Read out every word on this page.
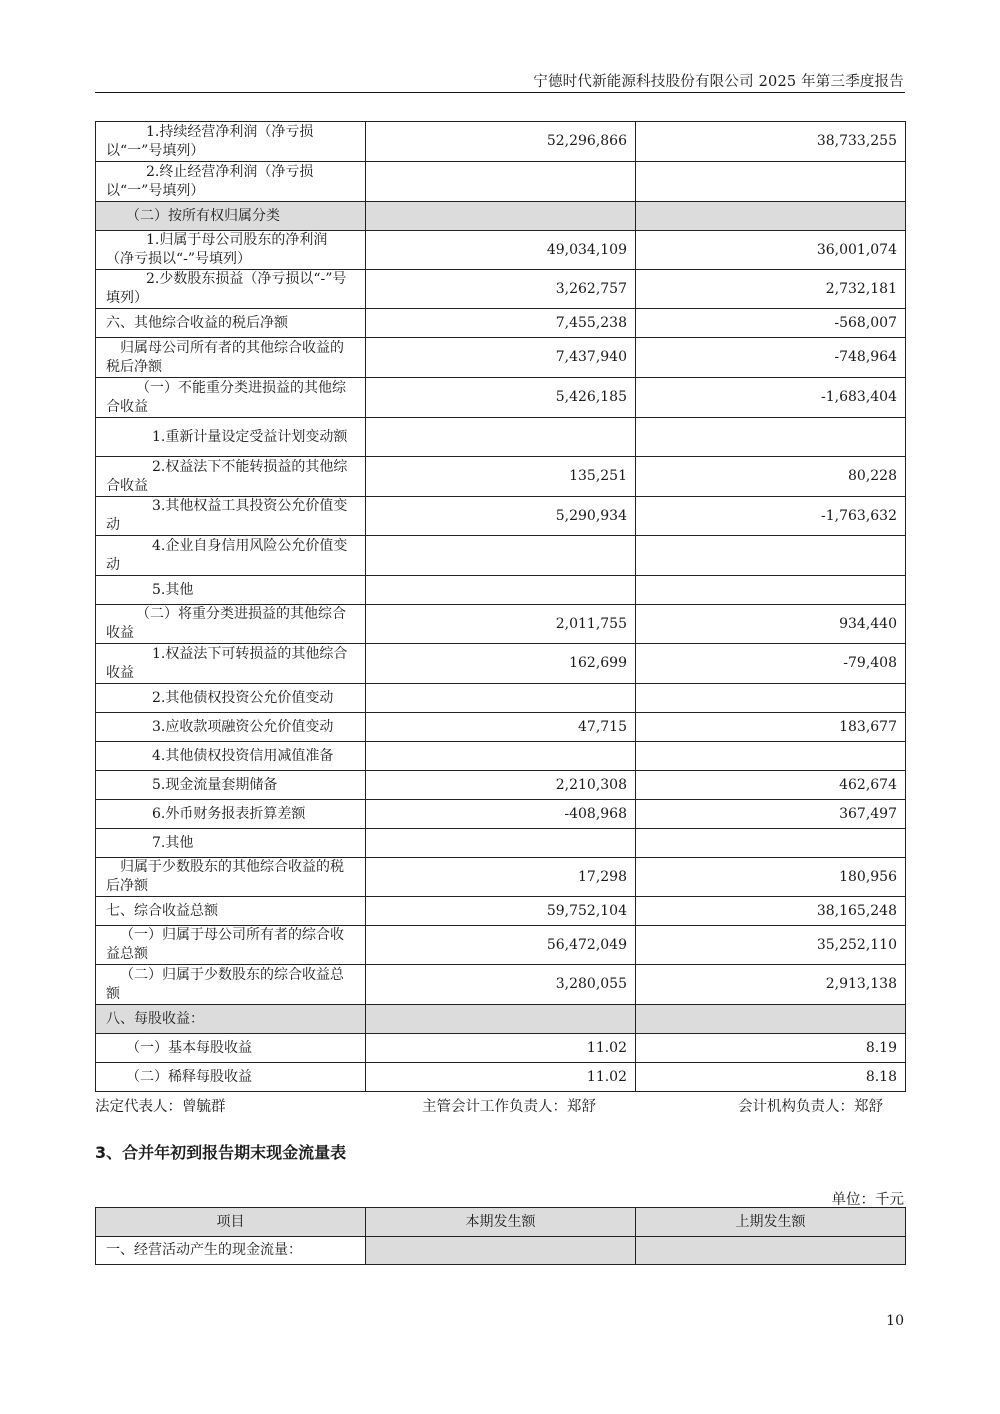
宁德时代新能源科技股份有限公司 2025 年第三季度报告
1.持续经营净利润（净亏损以“一”号填列）	52,296,866	38,733,255
2.终止经营净利润（净亏损以“一”号填列）		
（二）按所有权归属分类		
1.归属于母公司股东的净利润（净亏损以“-”号填列）	49,034,109	36,001,074
2.少数股东损益（净亏损以“-”号填列）	3,262,757	2,732,181
六、其他综合收益的税后净额	7,455,238	-568,007
归属母公司所有者的其他综合收益的税后净额	7,437,940	-748,964
（一）不能重分类进损益的其他综合收益	5,426,185	-1,683,404
1.重新计量设定受益计划变动额		
2.权益法下不能转损益的其他综合收益	135,251	80,228
3.其他权益工具投资公允价值变动	5,290,934	-1,763,632
4.企业自身信用风险公允价值变动		
5.其他		
（二）将重分类进损益的其他综合收益	2,011,755	934,440
1.权益法下可转损益的其他综合收益	162,699	-79,408
2.其他债权投资公允价值变动		
3.应收款项融资公允价值变动	47,715	183,677
4.其他债权投资信用减值准备		
5.现金流量套期储备	2,210,308	462,674
6.外币财务报表折算差额	-408,968	367,497
7.其他		
归属于少数股东的其他综合收益的税后净额	17,298	180,956
七、综合收益总额	59,752,104	38,165,248
（一）归属于母公司所有者的综合收益总额	56,472,049	35,252,110
（二）归属于少数股东的综合收益总额	3,280,055	2,913,138
八、每股收益：		
（一）基本每股收益	11.02	8.19
（二）稀释每股收益	11.02	8.18
法定代表人：曾毓群	主管会计工作负责人：郑舒	会计机构负责人：郑舒
3、合并年初到报告期末现金流量表
单位：千元
项目	本期发生额	上期发生额
一、经营活动产生的现金流量：		
10
